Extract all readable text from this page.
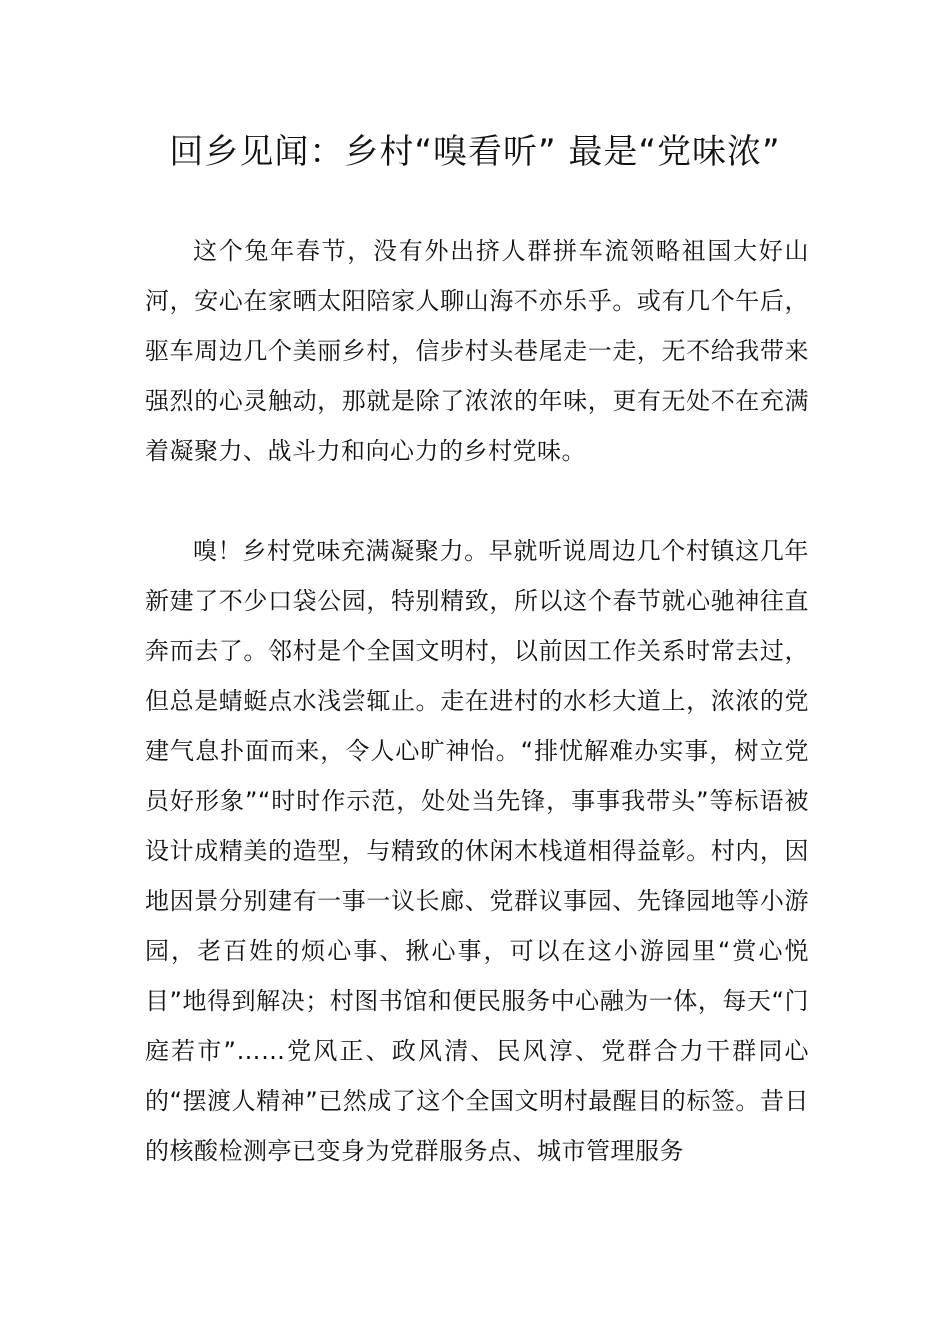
回乡见闻：乡村“嗅看听” 最是“党味浓”

这个兔年春节，没有外出挤人群拼车流领略祖国大好山河，安心在家晒太阳陪家人聊山海不亦乐乎。或有几个午后，驱车周边几个美丽乡村，信步村头巷尾走一走，无不给我带来强烈的心灵触动，那就是除了浓浓的年味，更有无处不在充满着凝聚力、战斗力和向心力的乡村党味。

嗅！乡村党味充满凝聚力。早就听说周边几个村镇这几年新建了不少口袋公园，特别精致，所以这个春节就心驰神往直奔而去了。邻村是个全国文明村，以前因工作关系时常去过，但总是蜻蜓点水浅尝辄止。走在进村的水杉大道上，浓浓的党建气息扑面而来，令人心旷神怡。“排忧解难办实事，树立党员好形象”“时时作示范，处处当先锋，事事我带头”等标语被设计成精美的造型，与精致的休闲木栈道相得益彰。村内，因地因景分别建有一事一议长廊、党群议事园、先锋园地等小游园，老百姓的烦心事、揪心事，可以在这小游园里“赏心悦目”地得到解决；村图书馆和便民服务中心融为一体，每天“门庭若市”……党风正、政风清、民风淳、党群合力干群同心的“摆渡人精神”已然成了这个全国文明村最醒目的标签。昔日的核酸检测亭已变身为党群服务点、城市管理服务
